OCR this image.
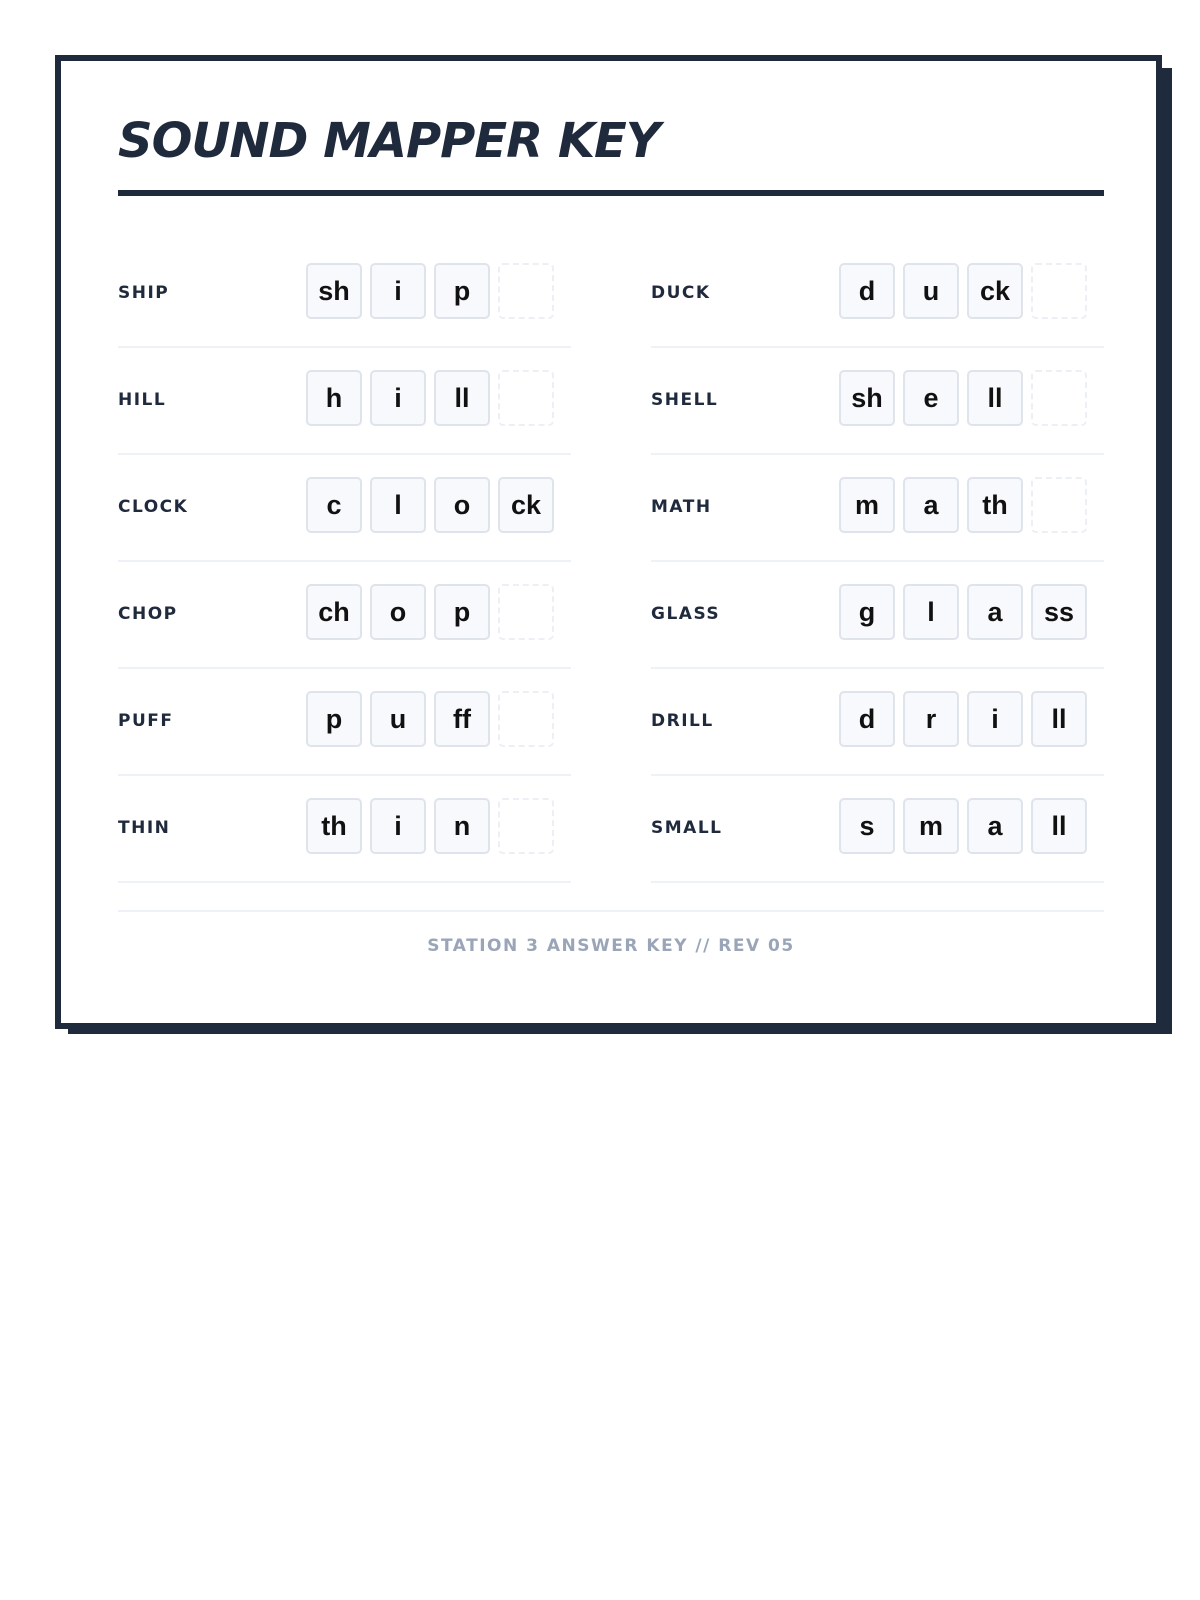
SOUND MAPPER KEY
SHIP	sh	i	p
HILL	h	i	ll
CLOCK	c	l	o	ck
CHOP	ch	o	p
PUFF	p	u	ff
THIN	th	i	n
DUCK	d	u	ck
SHELL	sh	e	ll
MATH	m	a	th
GLASS	g	l	a	ss
DRILL	d	r	i	ll
SMALL	s	m	a	ll
STATION 3 ANSWER KEY // REV 05
